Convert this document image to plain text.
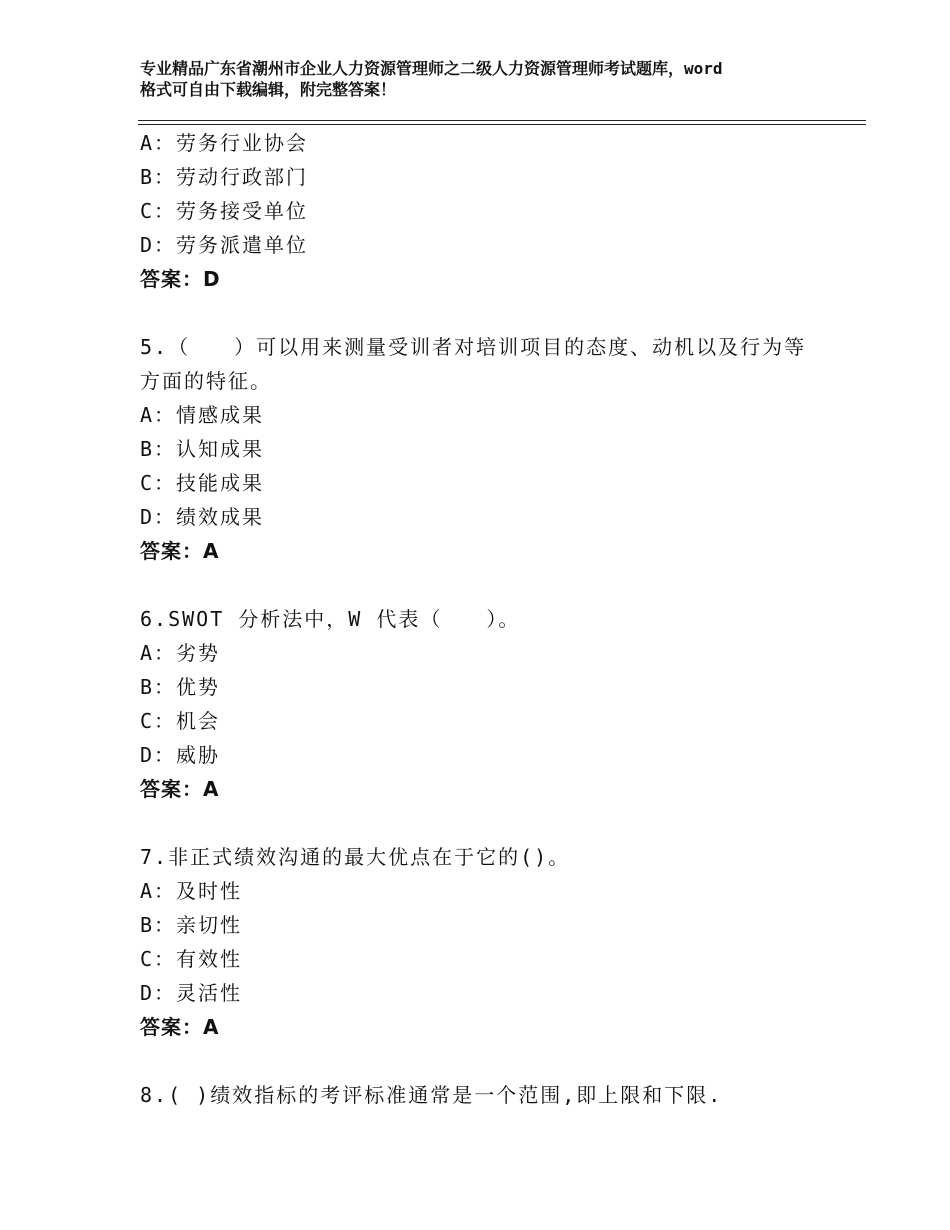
专业精品广东省潮州市企业人力资源管理师之二级人力资源管理师考试题库，word
格式可自由下载编辑，附完整答案！
A：劳务行业协会
B：劳动行政部门
C：劳务接受单位
D：劳务派遣单位
答案：D
5.（　　）可以用来测量受训者对培训项目的态度、动机以及行为等
方面的特征。
A：情感成果
B：认知成果
C：技能成果
D：绩效成果
答案：A
6.SWOT 分析法中，W 代表（　　）。
A：劣势
B：优势
C：机会
D：威胁
答案：A
7.非正式绩效沟通的最大优点在于它的()。
A：及时性
B：亲切性
C：有效性
D：灵活性
答案：A
8.( )绩效指标的考评标准通常是一个范围,即上限和下限.
